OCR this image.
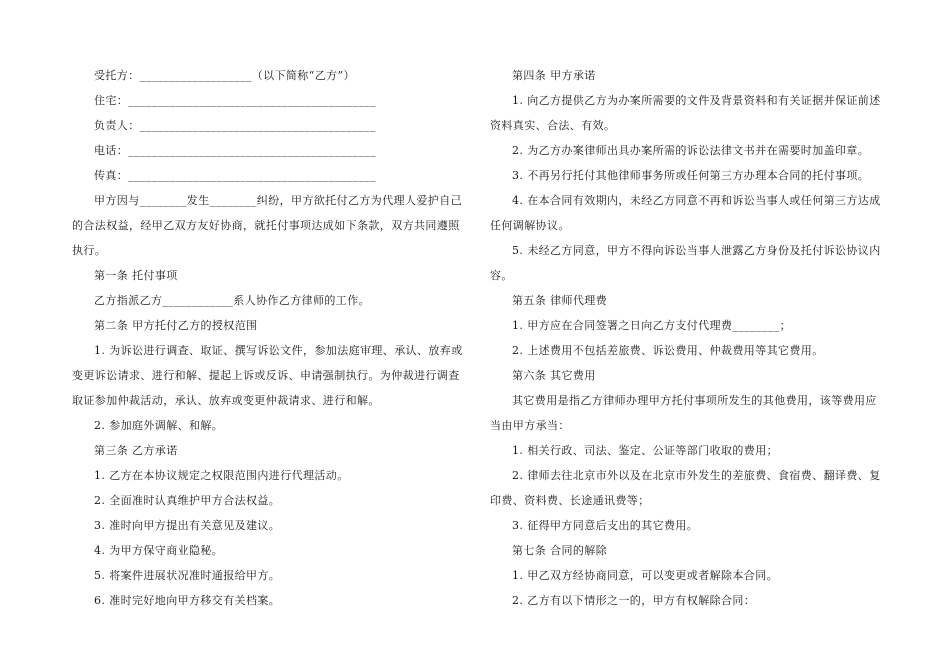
受托方：___________________（以下简称“乙方”）
住宅：__________________________________________
负责人：________________________________________
电话：__________________________________________
传真：__________________________________________
甲方因与________发生________纠纷，甲方欲托付乙方为代理人爱护自己
的合法权益，经甲乙双方友好协商，就托付事项达成如下条款，双方共同遵照
执行。
第一条 托付事项
乙方指派乙方____________系人协作乙方律师的工作。
第二条 甲方托付乙方的授权范围
1. 为诉讼进行调查、取证、撰写诉讼文件，参加法庭审理、承认、放弃或
变更诉讼请求、进行和解、提起上诉或反诉、申请强制执行。为仲裁进行调查
取证参加仲裁活动，承认、放弃或变更仲裁请求、进行和解。
2. 参加庭外调解、和解。
第三条 乙方承诺
1. 乙方在本协议规定之权限范围内进行代理活动。
2. 全面准时认真维护甲方合法权益。
3. 准时向甲方提出有关意见及建议。
4. 为甲方保守商业隐秘。
5. 将案件进展状况准时通报给甲方。
6. 准时完好地向甲方移交有关档案。
第四条 甲方承诺
1. 向乙方提供乙方为办案所需要的文件及背景资料和有关证据并保证前述
资料真实、合法、有效。
2. 为乙方办案律师出具办案所需的诉讼法律文书并在需要时加盖印章。
3. 不再另行托付其他律师事务所或任何第三方办理本合同的托付事项。
4. 在本合同有效期内，未经乙方同意不再和诉讼当事人或任何第三方达成
任何调解协议。
5. 未经乙方同意，甲方不得向诉讼当事人泄露乙方身份及托付诉讼协议内
容。
第五条 律师代理费
1. 甲方应在合同签署之日向乙方支付代理费________；
2. 上述费用不包括差旅费、诉讼费用、仲裁费用等其它费用。
第六条 其它费用
其它费用是指乙方律师办理甲方托付事项所发生的其他费用，该等费用应
当由甲方承当：
1. 相关行政、司法、鉴定、公证等部门收取的费用；
2. 律师去往北京市外以及在北京市外发生的差旅费、食宿费、翻译费、复
印费、资料费、长途通讯费等；
3. 征得甲方同意后支出的其它费用。
第七条 合同的解除
1. 甲乙双方经协商同意，可以变更或者解除本合同。
2. 乙方有以下情形之一的，甲方有权解除合同：
